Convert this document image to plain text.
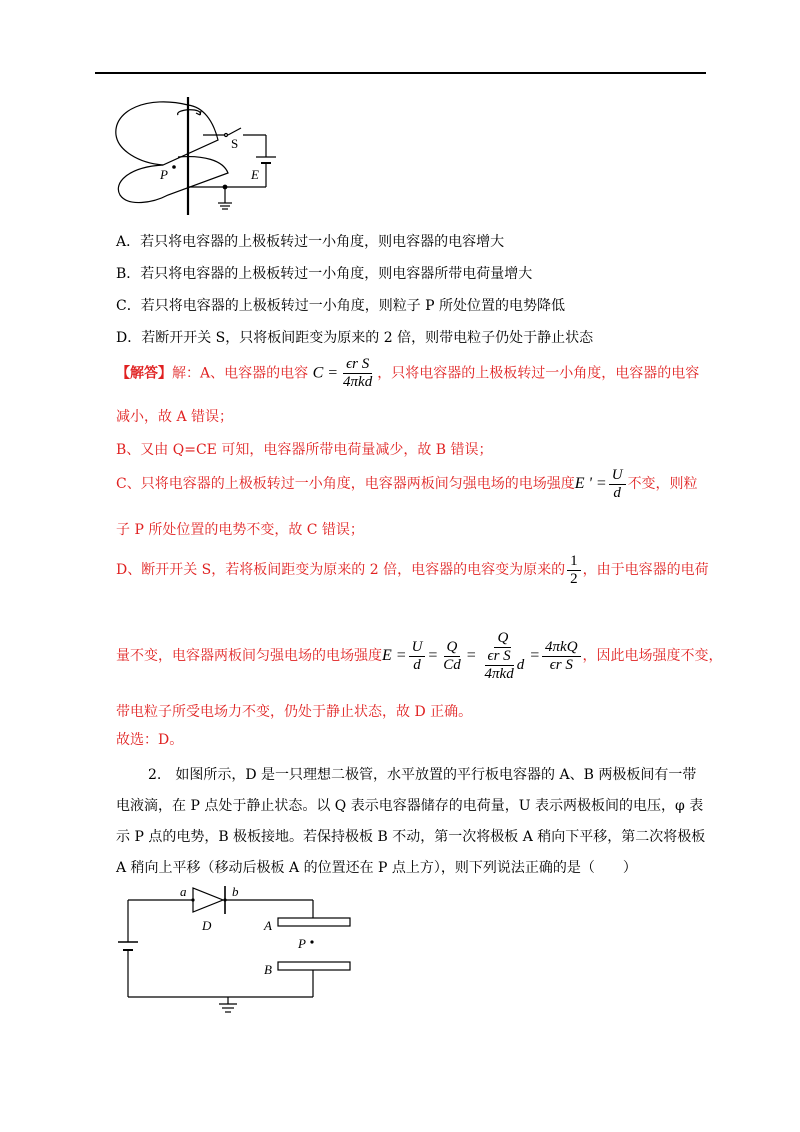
S
P	E
A．若只将电容器的上极板转过一小角度，则电容器的电容增大
B．若只将电容器的上极板转过一小角度，则电容器所带电荷量增大
C．若只将电容器的上极板转过一小角度，则粒子 P 所处位置的电势降低
D．若断开开关 S，只将板间距变为原来的 2 倍，则带电粒子仍处于静止状态
【解答】解：A、电容器的电容 $C = \frac{\text{ϵr S}}{\text{4πkd}}$ ，只将电容器的上极板转过一小角度，电容器的电容
减小，故 A 错误；
B、又由 Q=CE 可知，电容器所带电荷量减少，故 B 错误；
C、只将电容器的上极板转过一小角度，电容器两板间匀强电场的电场强度E ' = $\frac{U}{d}$ 不变，则粒
子 P 所处位置的电势不变，故 C 错误；
D、断开开关 S，若将板间距变为原来的 2 倍，电容器的电容变为原来的 $\frac{1}{2}$ ，由于电容器的电荷
量不变，电容器两板间匀强电场的电场强度$E = \frac{U}{d} = \frac{Q}{Cd} = \frac{Q}{\frac{\text{ϵr S}}{\text{4πkd}} d} = \frac{\text{4πkQ}}{\text{ϵr S}}$ ，因此电场强度不变，
带电粒子所受电场力不变，仍处于静止状态，故 D 正确。
故选：D。
2.　如图所示，D 是一只理想二极管，水平放置的平行板电容器的 A、B 两极板间有一带
电液滴，在 P 点处于静止状态。以 Q 表示电容器储存的电荷量，U 表示两极板间的电压，φ 表
示 P 点的电势，B 极板接地。若保持极板 B 不动，第一次将极板 A 稍向下平移，第二次将极板
A 稍向上平移（移动后极板 A 的位置还在 P 点上方），则下列说法正确的是（　　）
a	b
D	A
B
P
